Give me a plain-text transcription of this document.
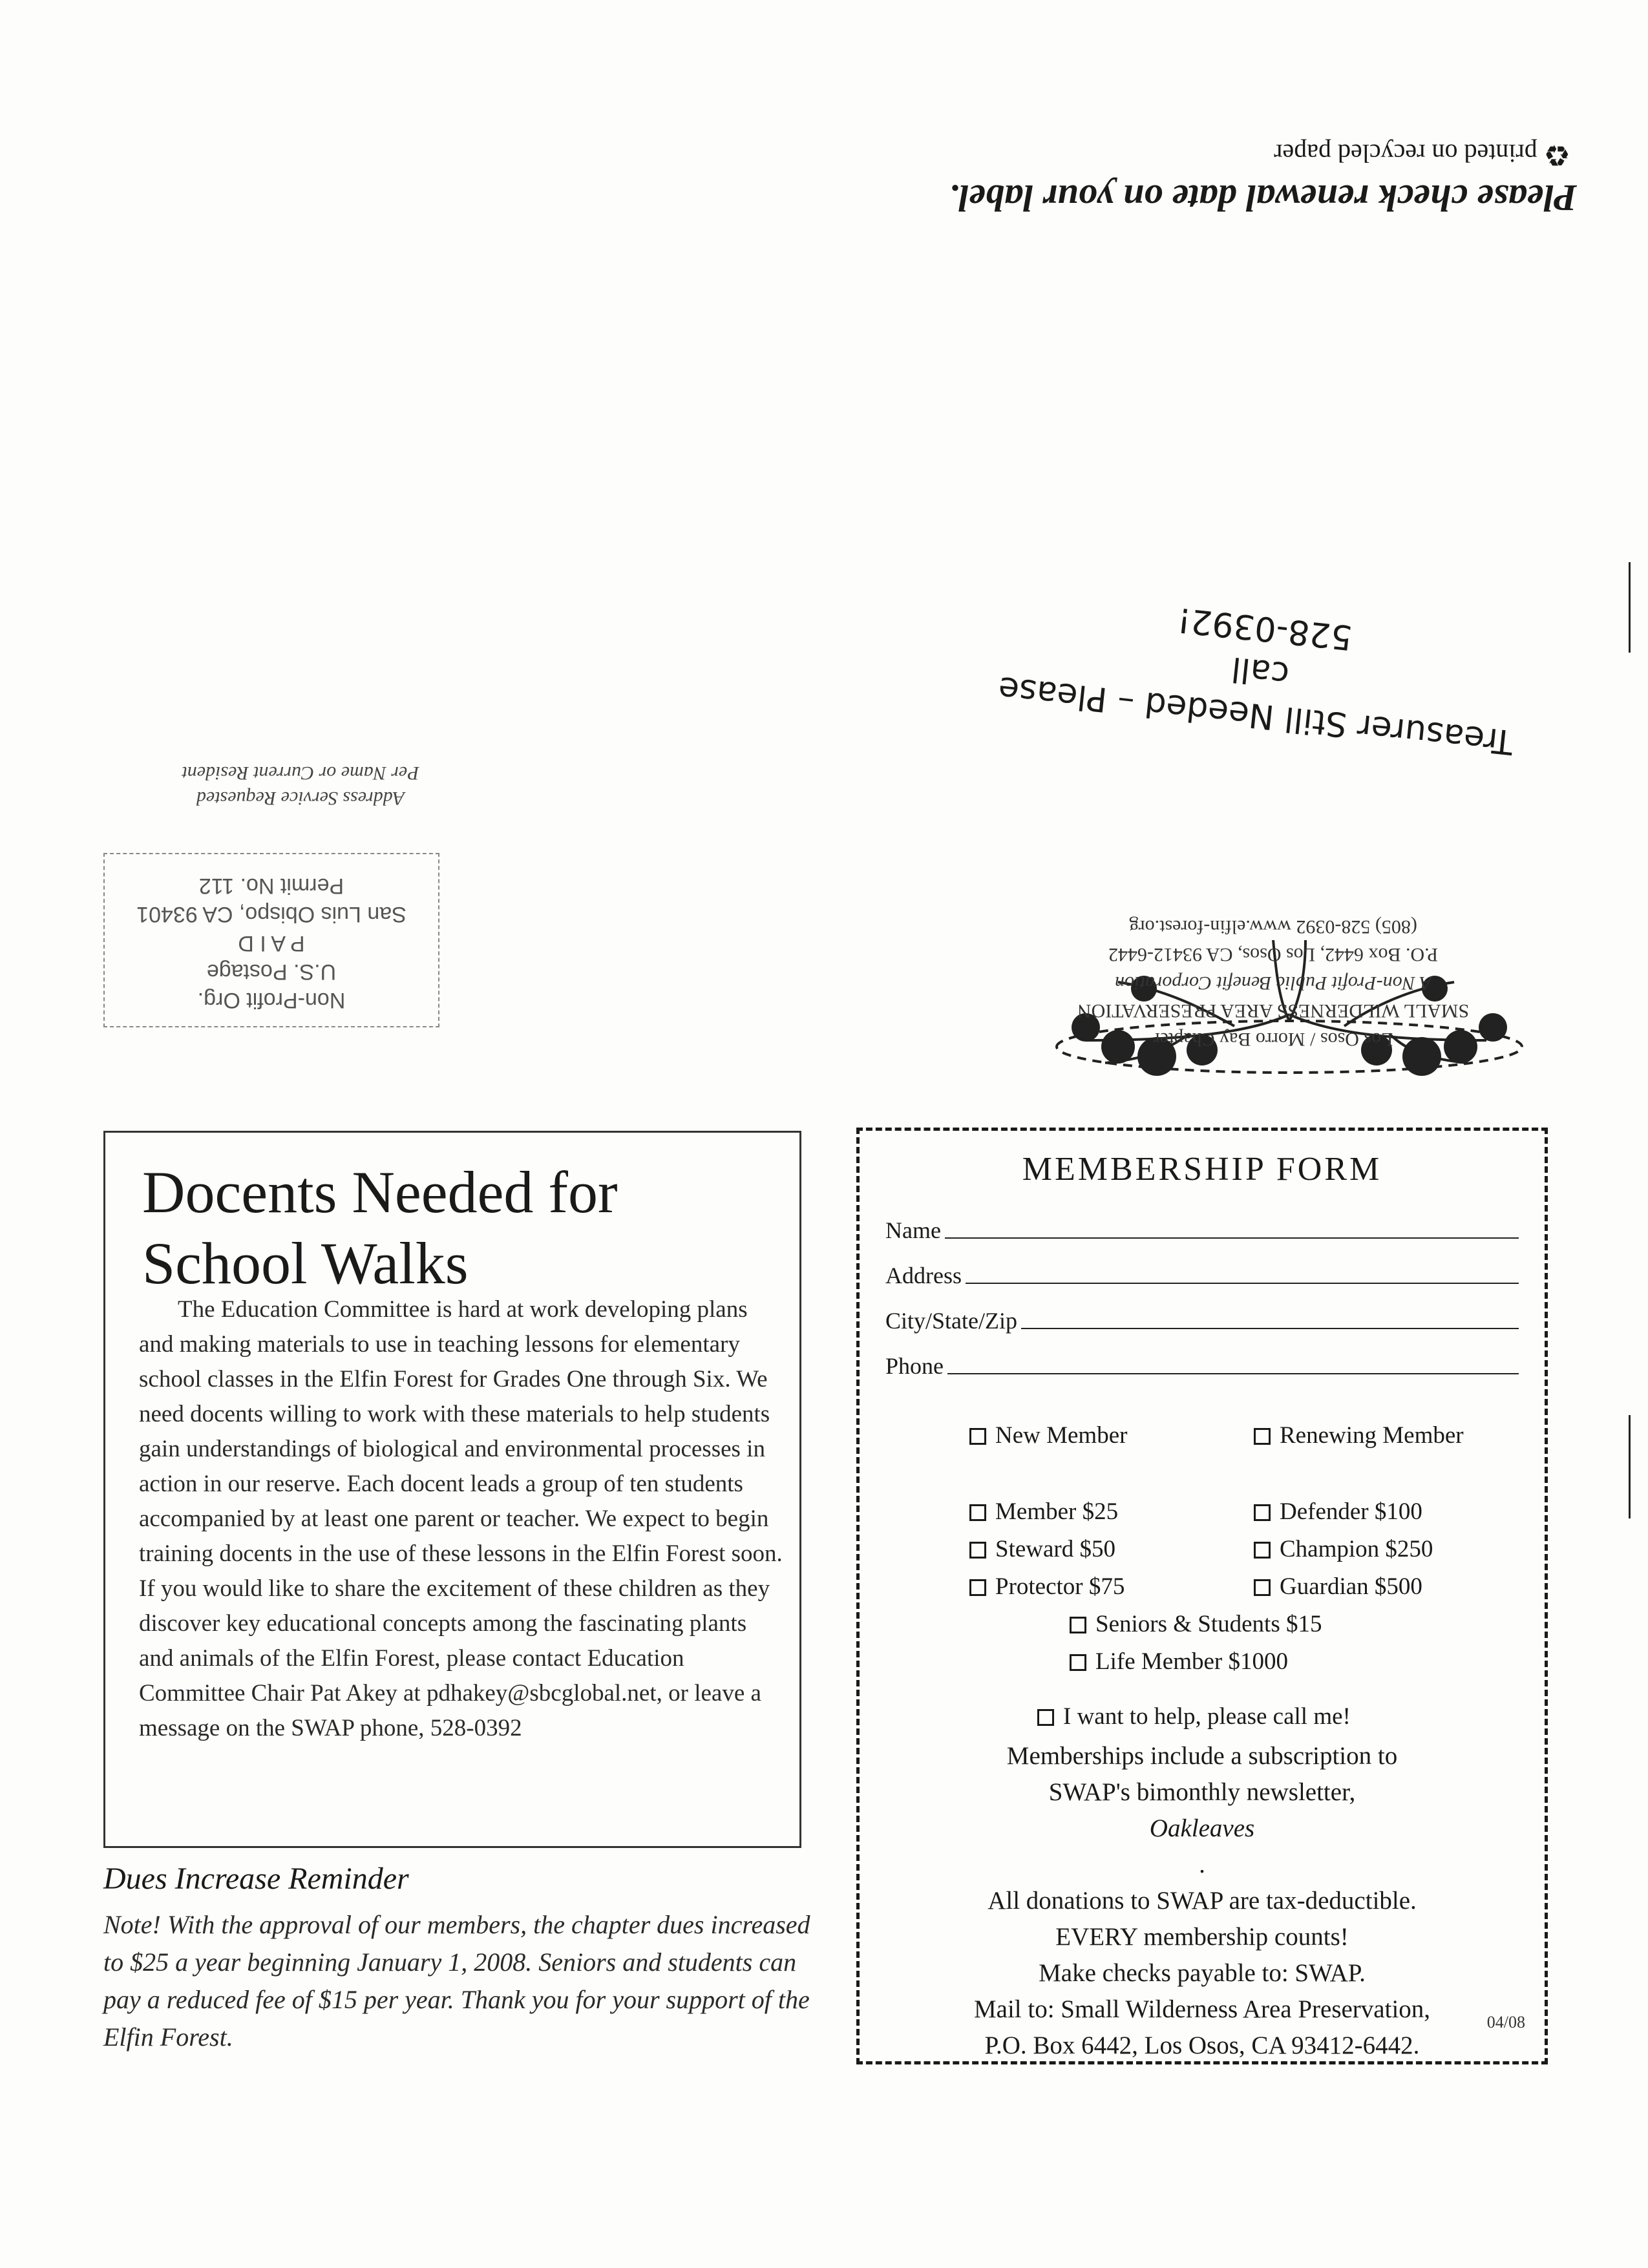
Please check renewal date on your label.
♻ printed on recycled paper
Treasurer Still Needed – Please call
528-0392!
Los Osos / Morro Bay Chapter
SMALL WILDERNESS AREA PRESERVATION
A Non-Profit Public Benefit Corporation
P.O. Box 6442, Los Osos, CA 93412-6442
(805) 528-0392 www.elfin-forest.org
Address Service Requested
Per Name or Current Resident
Non-Profit Org.
U.S. Postage
P A I D
San Luis Obispo, CA 93401
Permit No. 112
Docents Needed for
School Walks

The Education Committee is hard at work developing plans and making materials to use in teaching lessons for elementary school classes in the Elfin Forest for Grades One through Six. We need docents willing to work with these materials to help students gain understandings of biological and environmental processes in action in our reserve. Each docent leads a group of ten students accompanied by at least one parent or teacher. We expect to begin training docents in the use of these lessons in the Elfin Forest soon. If you would like to share the excitement of these children as they discover key educational concepts among the fascinating plants and animals of the Elfin Forest, please contact Education Committee Chair Pat Akey at pdhakey@sbcglobal.net, or leave a message on the SWAP phone, 528-0392

Dues Increase Reminder
Note! With the approval of our members, the chapter dues increased to $25 a year beginning January 1, 2008. Seniors and students can pay a reduced fee of $15 per year. Thank you for your support of the Elfin Forest.
MEMBERSHIP FORM
Name
Address
City/State/Zip
Phone
New Member	Renewing Member
Member $25	Defender $100
Steward $50	Champion $250
Protector $75	Guardian $500
Seniors & Students $15
Life Member $1000
I want to help, please call me!
Memberships include a subscription to
SWAP's bimonthly newsletter,
Oakleaves
.
All donations to SWAP are tax-deductible.
EVERY membership counts!
Make checks payable to: SWAP.
Mail to: Small Wilderness Area Preservation,
P.O. Box 6442, Los Osos, CA 93412-6442.
04/08
